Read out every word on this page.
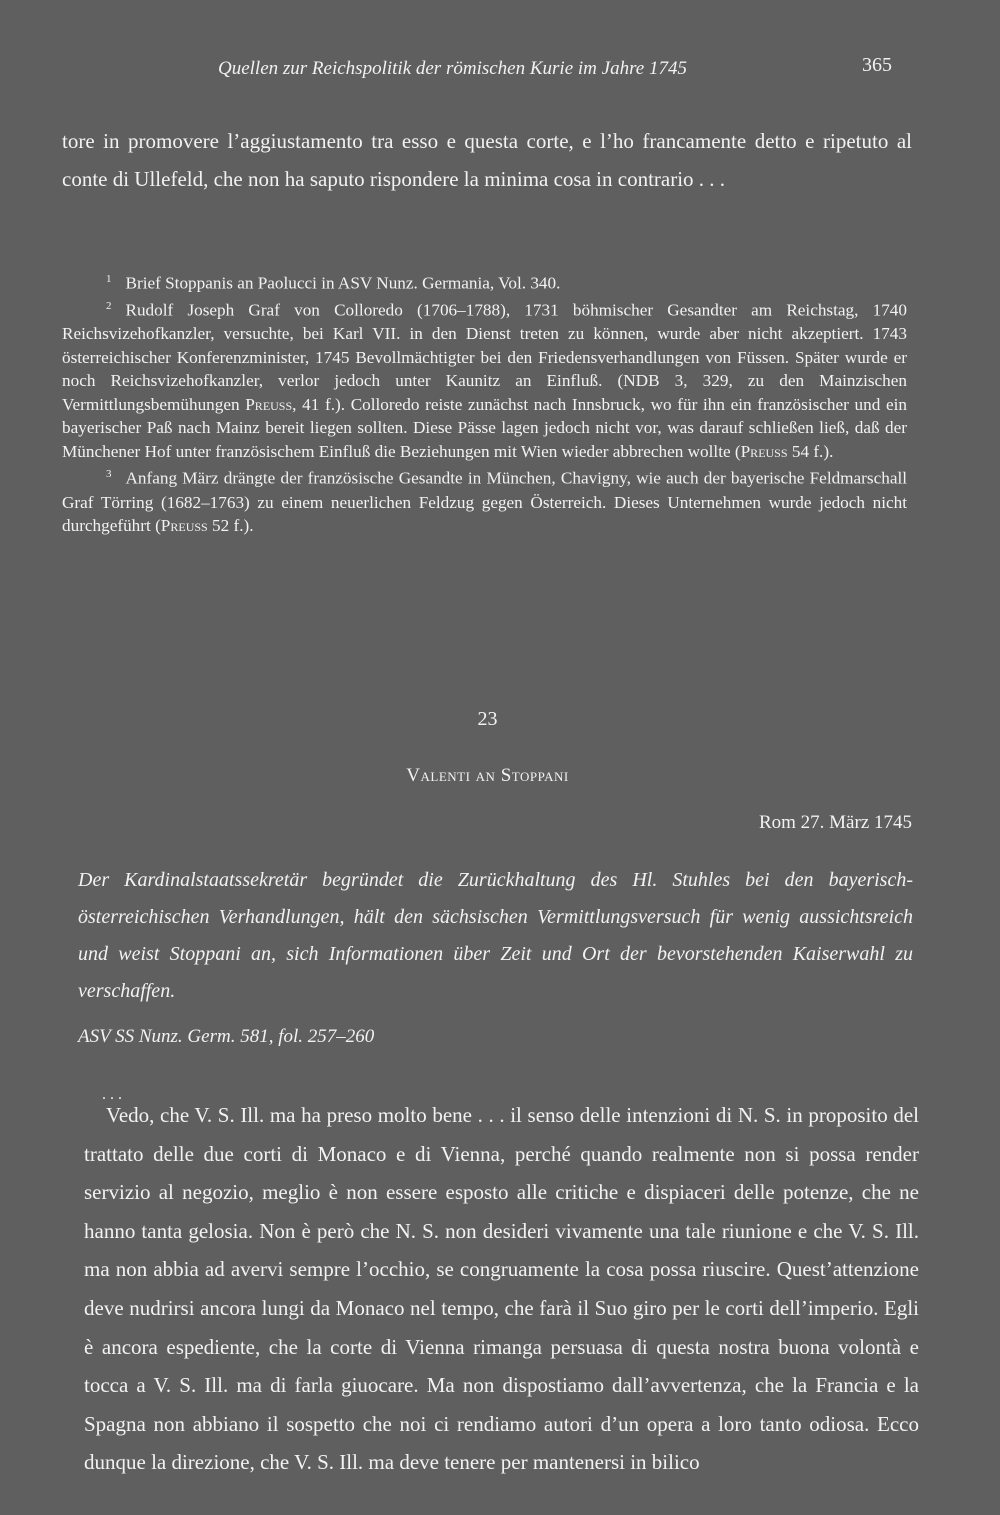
Quellen zur Reichspolitik der römischen Kurie im Jahre 1745	365
tore in promovere l’aggiustamento tra esso e questa corte, e l’ho francamente detto e ripetuto al conte di Ullefeld, che non ha saputo rispondere la minima cosa in contrario . . .

$^1$ Brief Stoppanis an Paolucci in ASV Nunz. Germania, Vol. 340.

$^2$ Rudolf Joseph Graf von Colloredo (1706–1788), 1731 böhmischer Gesandter am Reichstag, 1740 Reichsvizehofkanzler, versuchte, bei Karl VII. in den Dienst treten zu können, wurde aber nicht akzeptiert. 1743 österreichischer Konferenzminister, 1745 Bevollmächtigter bei den Friedensverhandlungen von Füssen. Später wurde er noch Reichsvizehofkanzler, verlor jedoch unter Kaunitz an Einfluß. (NDB 3, 329, zu den Mainzischen Vermittlungsbemühungen Preuss, 41 f.). Colloredo reiste zunächst nach Innsbruck, wo für ihn ein französischer und ein bayerischer Paß nach Mainz bereit liegen sollten. Diese Pässe lagen jedoch nicht vor, was darauf schließen ließ, daß der Münchener Hof unter französischem Einfluß die Beziehungen mit Wien wieder abbrechen wollte (Preuss 54 f.).

$^3$ Anfang März drängte der französische Gesandte in München, Chavigny, wie auch der bayerische Feldmarschall Graf Törring (1682–1763) zu einem neuerlichen Feldzug gegen Österreich. Dieses Unternehmen wurde jedoch nicht durchgeführt (Preuss 52 f.).

23
Valenti an Stoppani
Rom 27. März 1745
Der Kardinalstaatssekretär begründet die Zurückhaltung des Hl. Stuhles bei den bayerisch-österreichischen Verhandlungen, hält den sächsischen Vermittlungsversuch für wenig aussichtsreich und weist Stoppani an, sich Informationen über Zeit und Ort der bevorstehenden Kaiserwahl zu verschaffen.
ASV SS Nunz. Germ. 581, fol. 257–260
. . .

Vedo, che V. S. Ill. ma ha preso molto bene . . . il senso delle intenzioni di N. S. in proposito del trattato delle due corti di Monaco e di Vienna, perché quando realmente non si possa render servizio al negozio, meglio è non essere esposto alle critiche e dispiaceri delle potenze, che ne hanno tanta gelosia. Non è però che N. S. non desideri vivamente una tale riunione e che V. S. Ill. ma non abbia ad avervi sempre l’occhio, se congruamente la cosa possa riuscire. Quest’attenzione deve nudrirsi ancora lungi da Monaco nel tempo, che farà il Suo giro per le corti dell’imperio. Egli è ancora espediente, che la corte di Vienna rimanga persuasa di questa nostra buona volontà e tocca a V. S. Ill. ma di farla giuocare. Ma non dispostiamo dall’avvertenza, che la Francia e la Spagna non abbiano il sospetto che noi ci rendiamo autori d’un opera a loro tanto odiosa. Ecco dunque la direzione, che V. S. Ill. ma deve tenere per mantenersi in bilico
